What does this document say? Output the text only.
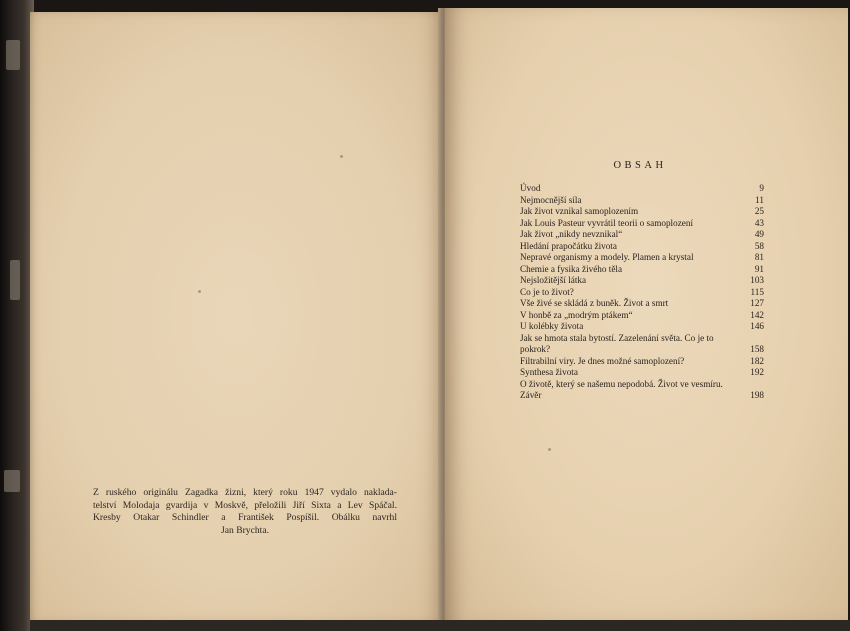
Z ruského originálu Zagadka žizni, který roku 1947 vydalo naklada-
telství Molodaja gvardija v Moskvě, přeložili Jiří Sixta a Lev Spáčal.
Kresby Otakar Schindler a František Pospíšil. Obálku navrhl
Jan Brychta.
OBSAH
Úvod	9
Nejmocnější síla	11
Jak život vznikal samoplozením	25
Jak Louis Pasteur vyvrátil teorii o samoplození	43
Jak život „nikdy nevznikal“	49
Hledání prapočátku života	58
Nepravé organismy a modely. Plamen a krystal	81
Chemie a fysika živého těla	91
Nejsložitější látka	103
Co je to život?	115
Vše živé se skládá z buněk. Život a smrt	127
V honbě za „modrým ptákem“	142
U kolébky života	146
Jak se hmota stala bytostí. Zazelenání světa. Co je to
pokrok?	158
Filtrabilní viry. Je dnes možné samoplození?	182
Synthesa života	192
O životě, který se našemu nepodobá. Život ve vesmíru.
Závěr	198
